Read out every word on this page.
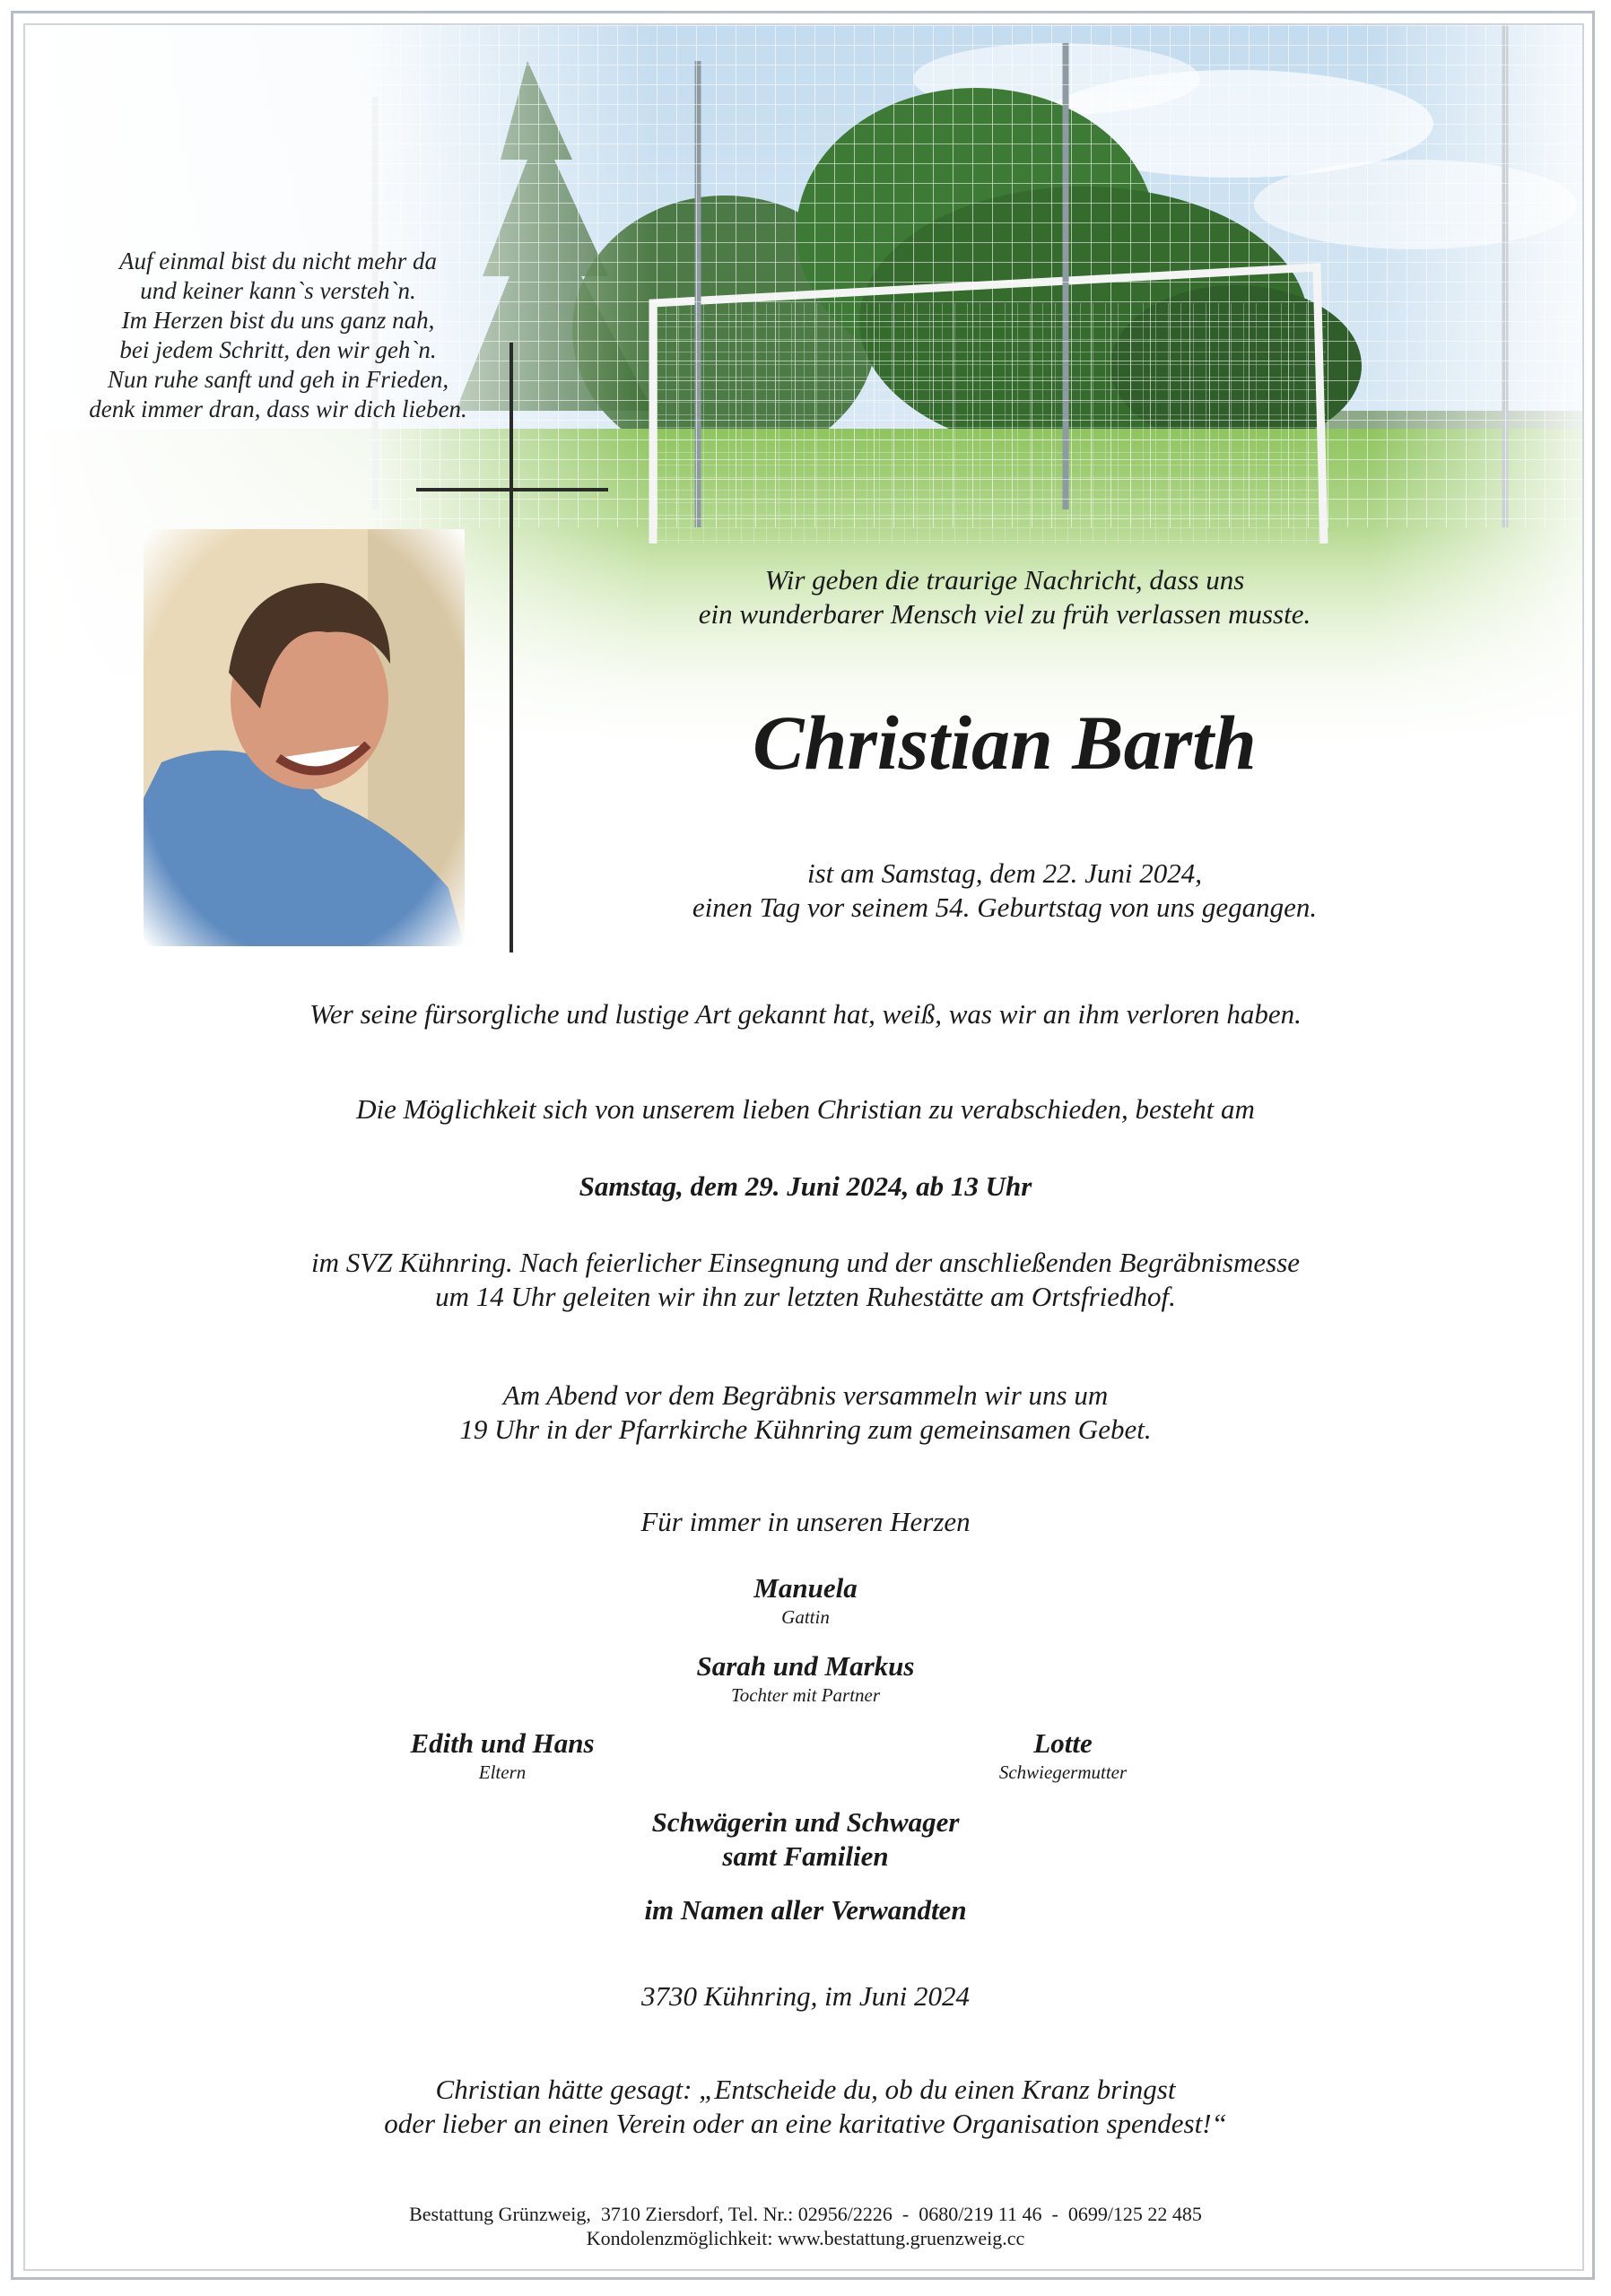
Auf einmal bist du nicht mehr da
und keiner kann`s versteh`n.
Im Herzen bist du uns ganz nah,
bei jedem Schritt, den wir geh`n.
Nun ruhe sanft und geh in Frieden,
denk immer dran, dass wir dich lieben.
Wir geben die traurige Nachricht, dass uns
ein wunderbarer Mensch viel zu früh verlassen musste.
Christian Barth
ist am Samstag, dem 22. Juni 2024,
einen Tag vor seinem 54. Geburtstag von uns gegangen.
Wer seine fürsorgliche und lustige Art gekannt hat, weiß, was wir an ihm verloren haben.
Die Möglichkeit sich von unserem lieben Christian zu verabschieden, besteht am
Samstag, dem 29. Juni 2024, ab 13 Uhr
im SVZ Kühnring. Nach feierlicher Einsegnung und der anschließenden Begräbnismesse
um 14 Uhr geleiten wir ihn zur letzten Ruhestätte am Ortsfriedhof.
Am Abend vor dem Begräbnis versammeln wir uns um
19 Uhr in der Pfarrkirche Kühnring zum gemeinsamen Gebet.
Für immer in unseren Herzen
Manuela
Gattin
Sarah und Markus
Tochter mit Partner
Edith und Hans
Eltern
Lotte
Schwiegermutter
Schwägerin und Schwager
samt Familien
im Namen aller Verwandten
3730 Kühnring, im Juni 2024
Christian hätte gesagt: „Entscheide du, ob du einen Kranz bringst
oder lieber an einen Verein oder an eine karitative Organisation spendest!“
Bestattung Grünzweig,  3710 Ziersdorf, Tel. Nr.: 02956/2226  -  0680/219 11 46  -  0699/125 22 485
Kondolenzmöglichkeit: www.bestattung.gruenzweig.cc
